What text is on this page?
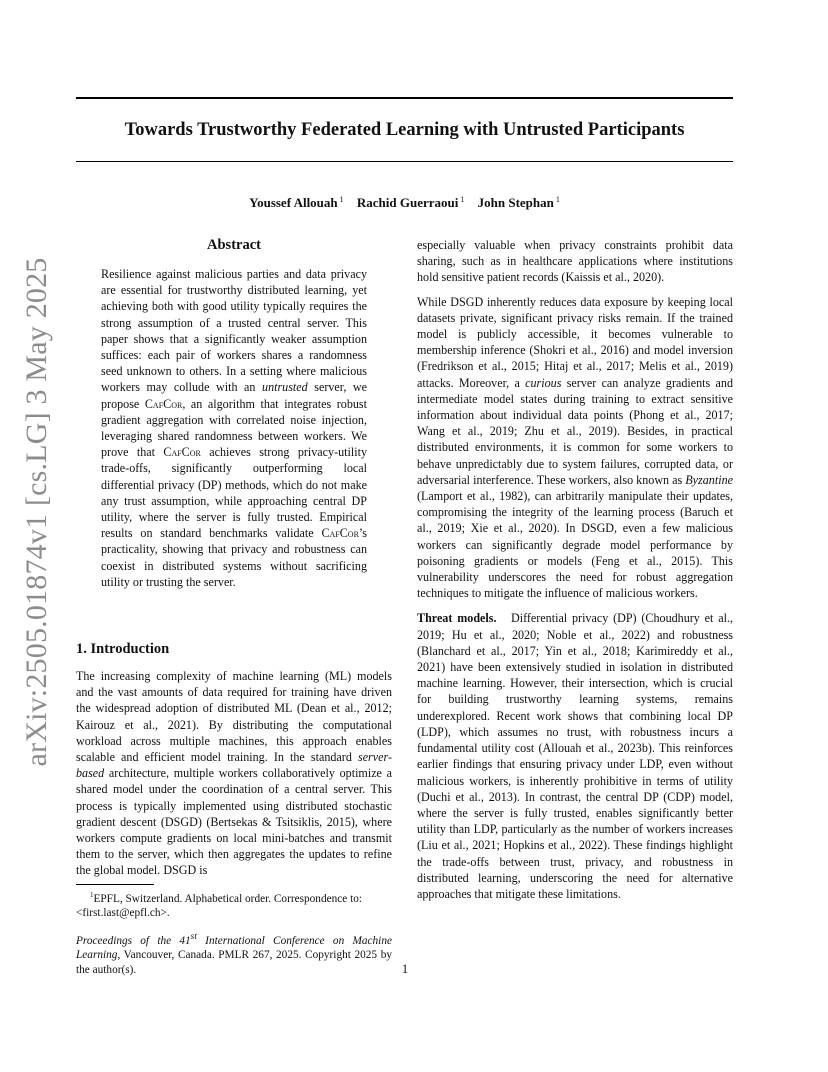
arXiv:2505.01874v1 [cs.LG] 3 May 2025
Towards Trustworthy Federated Learning with Untrusted Participants
Youssef Allouah $^1$ Rachid Guerraoui $^1$ John Stephan $^1$
Abstract

Resilience against malicious parties and data privacy are essential for trustworthy distributed learning, yet achieving both with good utility typically requires the strong assumption of a trusted central server. This paper shows that a significantly weaker assumption suffices: each pair of workers shares a randomness seed unknown to others. In a setting where malicious workers may collude with an untrusted server, we propose CafCor, an algorithm that integrates robust gradient aggregation with correlated noise injection, leveraging shared randomness between workers. We prove that CafCor achieves strong privacy-utility trade-offs, significantly outperforming local differential privacy (DP) methods, which do not make any trust assumption, while approaching central DP utility, where the server is fully trusted. Empirical results on standard benchmarks validate CafCor’s practicality, showing that privacy and robustness can coexist in distributed systems without sacrificing utility or trusting the server.

1. Introduction

The increasing complexity of machine learning (ML) models and the vast amounts of data required for training have driven the widespread adoption of distributed ML (Dean et al., 2012; Kairouz et al., 2021). By distributing the computational workload across multiple machines, this approach enables scalable and efficient model training. In the standard server-based architecture, multiple workers collaboratively optimize a shared model under the coordination of a central server. This process is typically implemented using distributed stochastic gradient descent (DSGD) (Bertsekas & Tsitsiklis, 2015), where workers compute gradients on local mini-batches and transmit them to the server, which then aggregates the updates to refine the global model. DSGD is

$^1$EPFL, Switzerland. Alphabetical order. Correspondence to: <first.last@epfl.ch>.
Proceedings of the 41st International Conference on Machine Learning, Vancouver, Canada. PMLR 267, 2025. Copyright 2025 by the author(s).

especially valuable when privacy constraints prohibit data sharing, such as in healthcare applications where institutions hold sensitive patient records (Kaissis et al., 2020).

While DSGD inherently reduces data exposure by keeping local datasets private, significant privacy risks remain. If the trained model is publicly accessible, it becomes vulnerable to membership inference (Shokri et al., 2016) and model inversion (Fredrikson et al., 2015; Hitaj et al., 2017; Melis et al., 2019) attacks. Moreover, a curious server can analyze gradients and intermediate model states during training to extract sensitive information about individual data points (Phong et al., 2017; Wang et al., 2019; Zhu et al., 2019). Besides, in practical distributed environments, it is common for some workers to behave unpredictably due to system failures, corrupted data, or adversarial interference. These workers, also known as Byzantine (Lamport et al., 1982), can arbitrarily manipulate their updates, compromising the integrity of the learning process (Baruch et al., 2019; Xie et al., 2020). In DSGD, even a few malicious workers can significantly degrade model performance by poisoning gradients or models (Feng et al., 2015). This vulnerability underscores the need for robust aggregation techniques to mitigate the influence of malicious workers.

Threat models. Differential privacy (DP) (Choudhury et al., 2019; Hu et al., 2020; Noble et al., 2022) and robustness (Blanchard et al., 2017; Yin et al., 2018; Karimireddy et al., 2021) have been extensively studied in isolation in distributed machine learning. However, their intersection, which is crucial for building trustworthy learning systems, remains underexplored. Recent work shows that combining local DP (LDP), which assumes no trust, with robustness incurs a fundamental utility cost (Allouah et al., 2023b). This reinforces earlier findings that ensuring privacy under LDP, even without malicious workers, is inherently prohibitive in terms of utility (Duchi et al., 2013). In contrast, the central DP (CDP) model, where the server is fully trusted, enables significantly better utility than LDP, particularly as the number of workers increases (Liu et al., 2021; Hopkins et al., 2022). These findings highlight the trade-offs between trust, privacy, and robustness in distributed learning, underscoring the need for alternative approaches that mitigate these limitations.

1
